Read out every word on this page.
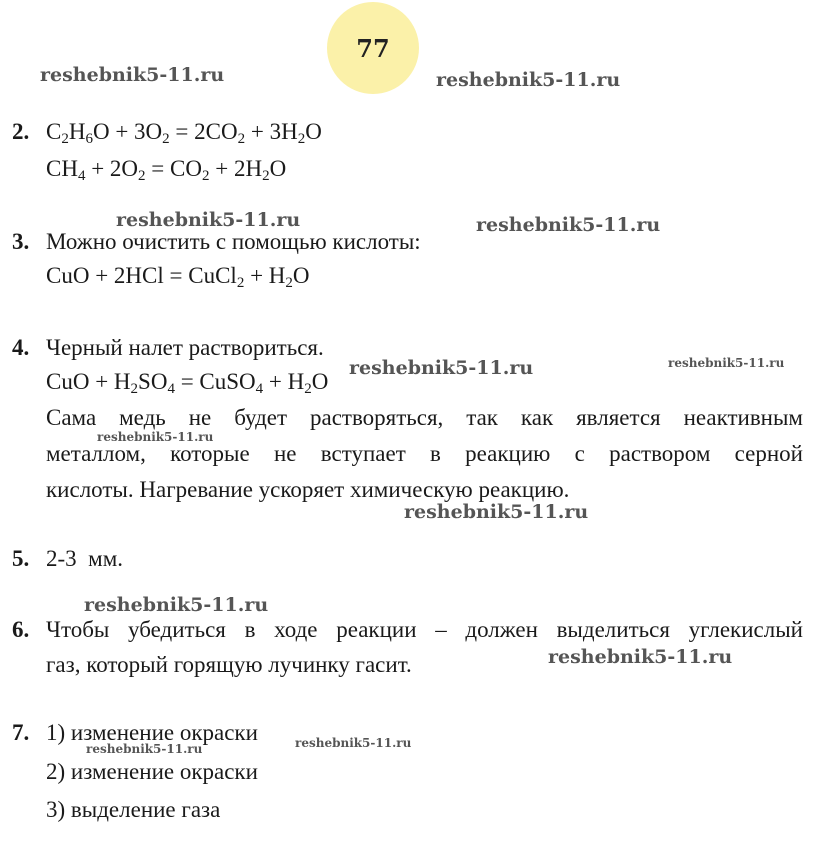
77
reshebnik5-11.ru	reshebnik5-11.ru
reshebnik5-11.ru	reshebnik5-11.ru
reshebnik5-11.ru	reshebnik5-11.ru
reshebnik5-11.ru
reshebnik5-11.ru
reshebnik5-11.ru
reshebnik5-11.ru
reshebnik5-11.ru
reshebnik5-11.ru
2. $C_2H_6O + 3O_2 = 2CO_2 + 3H_2O$
$CH_4 + 2O_2 = CO_2 + 2H_2O$
3. Можно очистить с помощью кислоты:
CuO + 2HCl = CuCl$_2$ + $H_2O$
4. Черный налет раствориться.
CuO + $H_2SO_4$ = CuSO$_4$ + $H_2O$
Сама медь не будет растворяться, так как является неактивным
металлом, которые не вступает в реакцию с раствором серной
кислоты. Нагревание ускоряет химическую реакцию.
5. 2-3  мм.
6. Чтобы убедиться в ходе реакции – должен выделиться углекислый
газ, который горящую лучинку гасит.
7. 1) изменение окраски
2) изменение окраски
3) выделение газа
